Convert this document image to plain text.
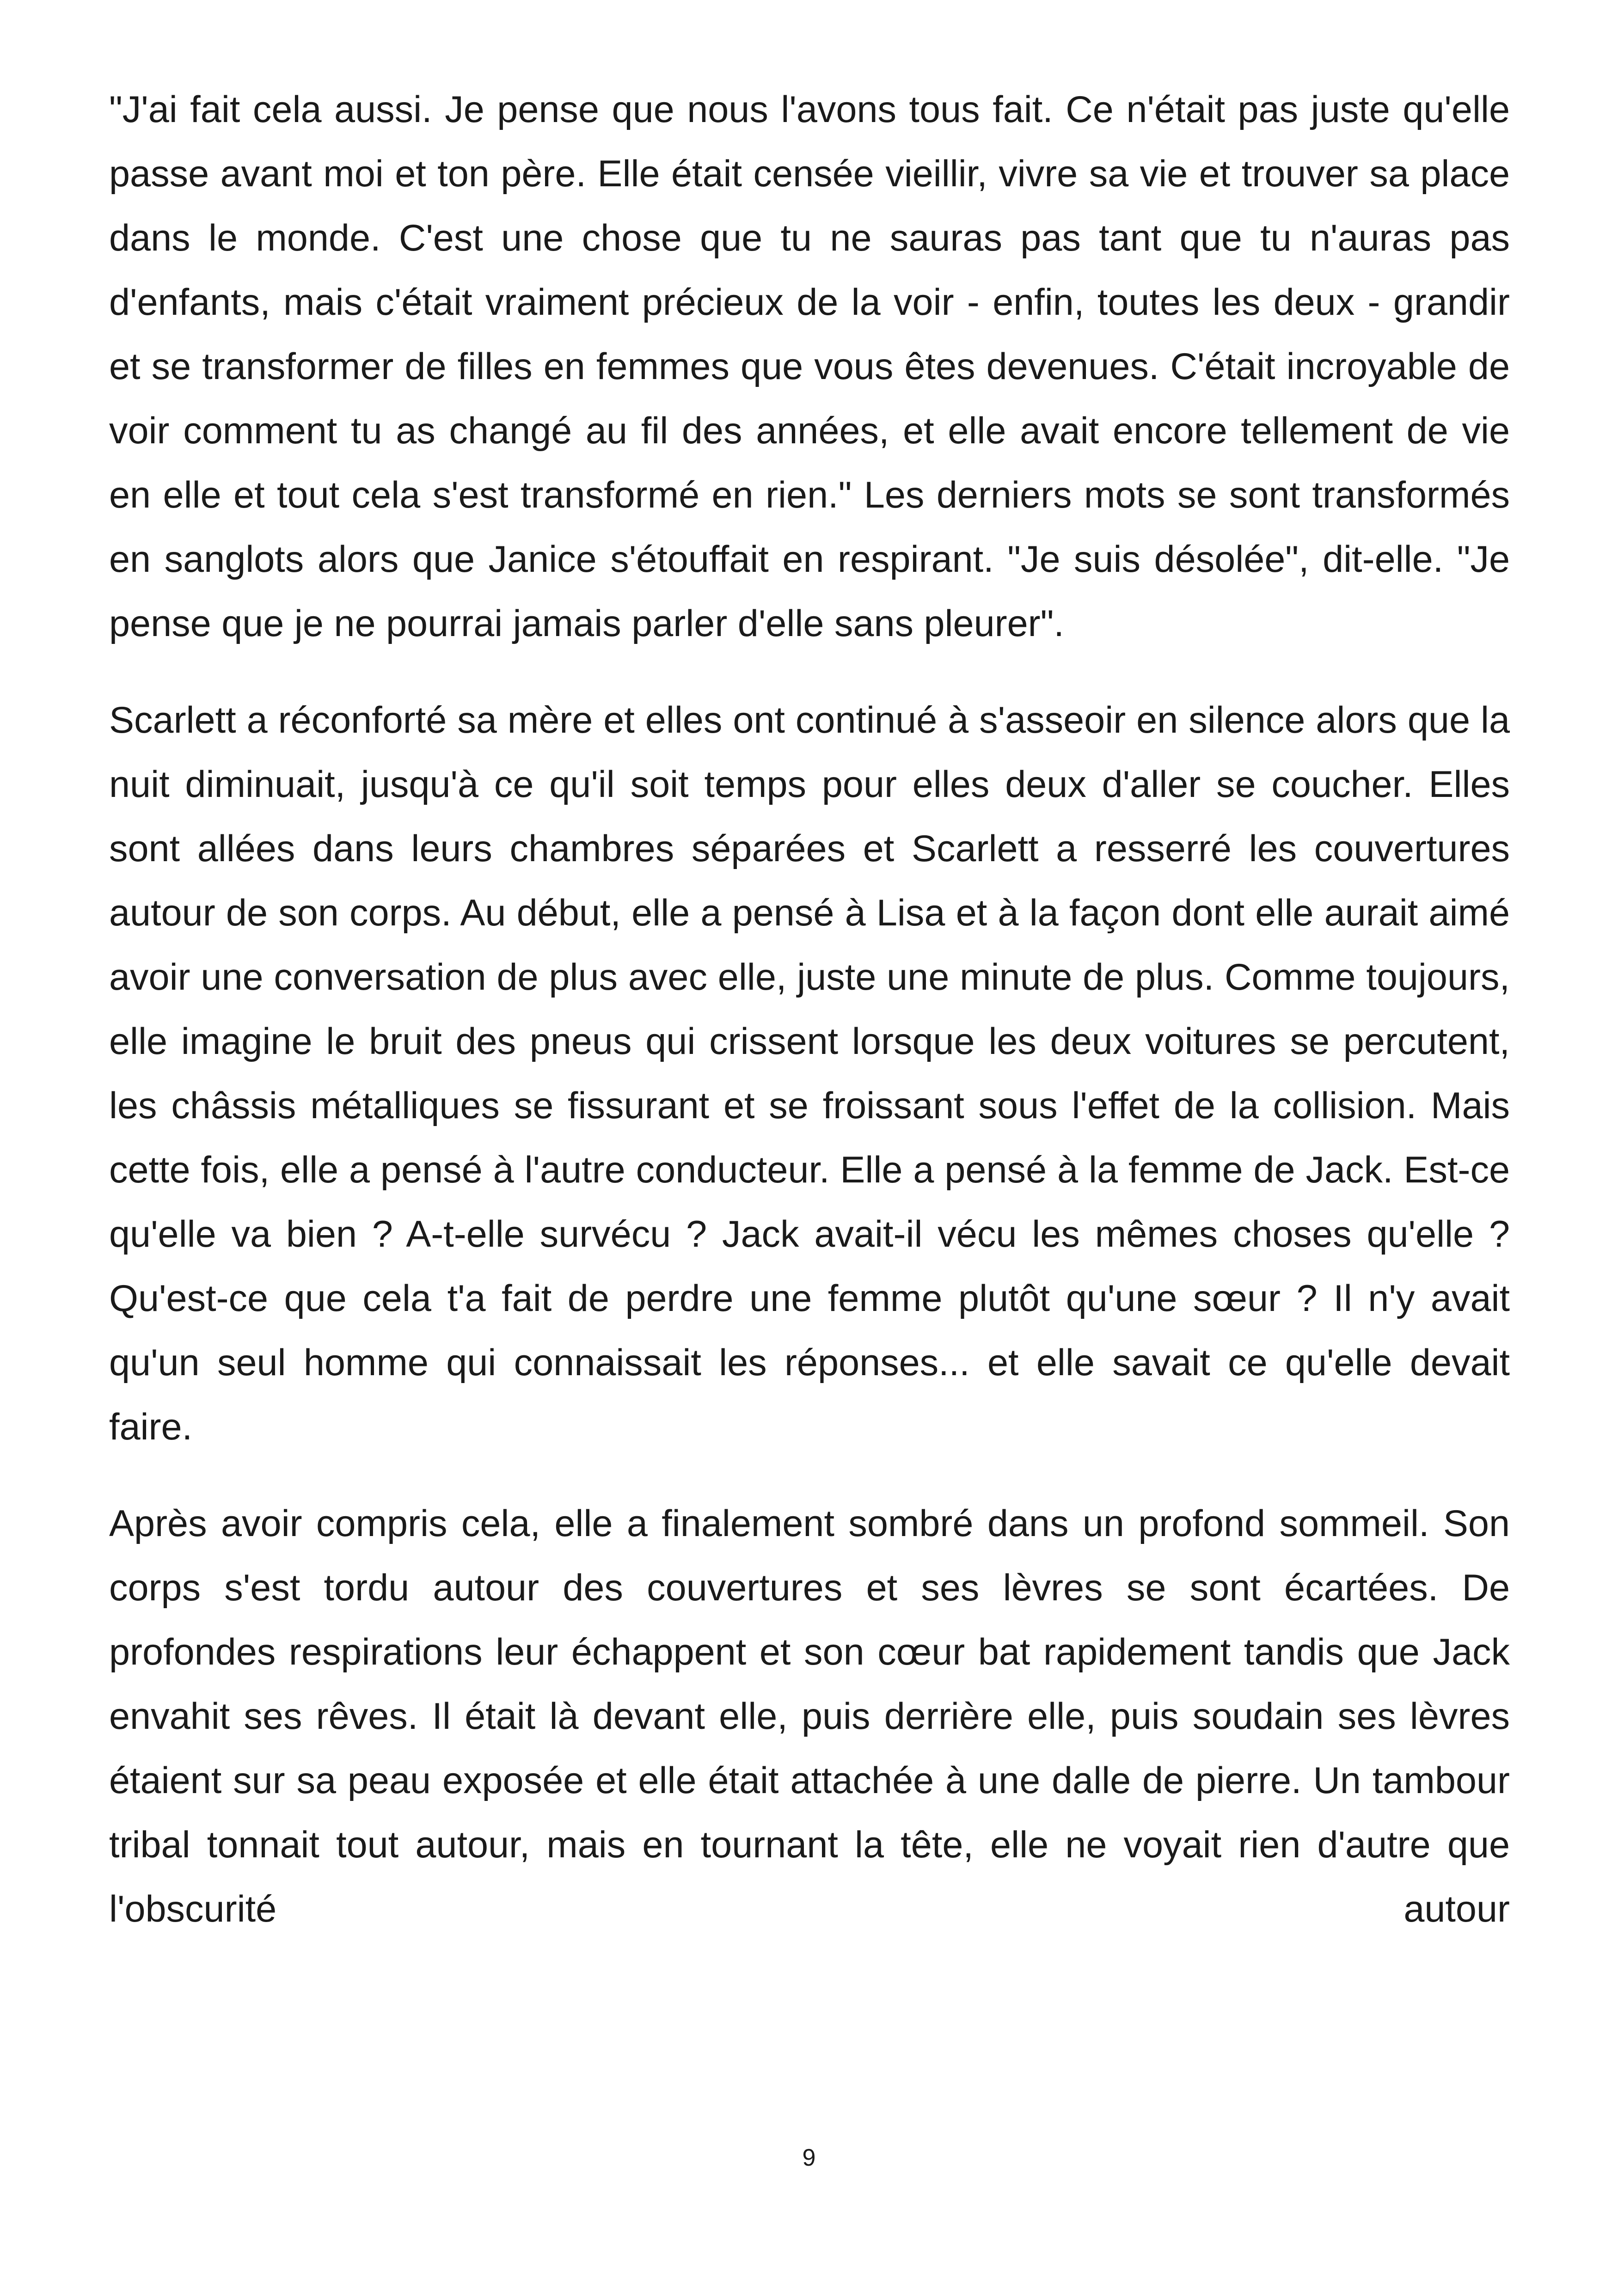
"J'ai fait cela aussi. Je pense que nous l'avons tous fait. Ce n'était pas juste qu'elle passe avant moi et ton père. Elle était censée vieillir, vivre sa vie et trouver sa place dans le monde. C'est une chose que tu ne sauras pas tant que tu n'auras pas d'enfants, mais c'était vraiment précieux de la voir - enfin, toutes les deux - grandir et se transformer de filles en femmes que vous êtes devenues. C'était incroyable de voir comment tu as changé au fil des années, et elle avait encore tellement de vie en elle et tout cela s'est transformé en rien." Les derniers mots se sont transformés en sanglots alors que Janice s'étouffait en respirant. "Je suis désolée", dit-elle. "Je pense que je ne pourrai jamais parler d'elle sans pleurer".

Scarlett a réconforté sa mère et elles ont continué à s'asseoir en silence alors que la nuit diminuait, jusqu'à ce qu'il soit temps pour elles deux d'aller se coucher. Elles sont allées dans leurs chambres séparées et Scarlett a resserré les couvertures autour de son corps. Au début, elle a pensé à Lisa et à la façon dont elle aurait aimé avoir une conversation de plus avec elle, juste une minute de plus. Comme toujours, elle imagine le bruit des pneus qui crissent lorsque les deux voitures se percutent, les châssis métalliques se fissurant et se froissant sous l'effet de la collision. Mais cette fois, elle a pensé à l'autre conducteur. Elle a pensé à la femme de Jack. Est-ce qu'elle va bien ? A-t-elle survécu ? Jack avait-il vécu les mêmes choses qu'elle ? Qu'est-ce que cela t'a fait de perdre une femme plutôt qu'une sœur ? Il n'y avait qu'un seul homme qui connaissait les réponses... et elle savait ce qu'elle devait faire.

Après avoir compris cela, elle a finalement sombré dans un profond sommeil. Son corps s'est tordu autour des couvertures et ses lèvres se sont écartées. De profondes respirations leur échappent et son cœur bat rapidement tandis que Jack envahit ses rêves. Il était là devant elle, puis derrière elle, puis soudain ses lèvres étaient sur sa peau exposée et elle était attachée à une dalle de pierre. Un tambour tribal tonnait tout autour, mais en tournant la tête, elle ne voyait rien d'autre que l'obscurité autour

9
